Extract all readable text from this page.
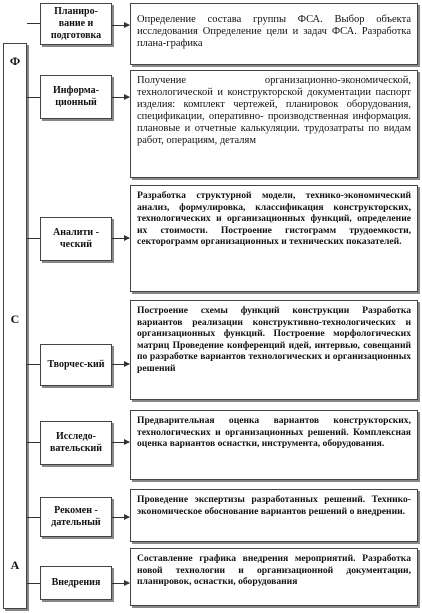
Ф
С
А
Планиро-вание и подготовка
Определение состава группы ФСА. Выбор объекта исследования Определение цели и задач ФСА. Разработка плана-графика
Информа-ционный
Получение организационно-экономической, технологической и конструкторской документации паспорт изделия: комплект чертежей, планировок оборудования, спецификации, оперативно- производственная информация. плановые и отчетные калькуляции. трудозатраты по видам работ, операциям, деталям
Аналити - ческий
Разработка структурной модели, технико-экономический анализ, формулировка, классификация конструкторских, технологических и организационных функций, определение их стоимости. Построение гистограмм трудоемкости, секторограмм организационных и технических показателей.
Творчес-кий
Построение схемы функций конструкции Разработка вариантов реализации конструктивно-технологических и организационных функций. Построение морфологических матриц Проведение конференций идей, интервью, совещаний по разработке вариантов технологических и организационных решений
Исследо-вательский
Предварительная оценка вариантов конструкторских, технологических и организационных решений. Комплексная оценка вариантов оснастки, инструмента, оборудования.
Рекомен - дательный
Проведение экспертизы разработанных решений. Технико-экономическое обоснование вариантов решений о внедрении.
Внедрения
Составление графика внедрения мероприятий. Разработка новой технологии и организационной документации, планировок, оснастки, оборудования
